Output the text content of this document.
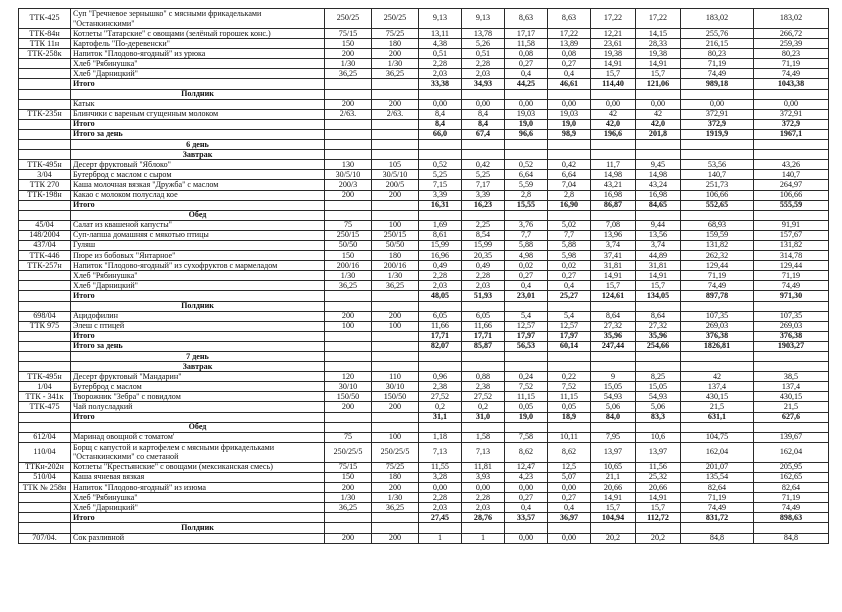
ТТК-425	Суп "Гречневое зернышко" с мясными фрикадельками "Останкинскими"	250/25	250/25	9,13	9,13	8,63	8,63	17,22	17,22	183,02	183,02
ТТК-84н	Котлеты "Татарские" с овощами (зелёный горошек конс.)	75/15	75/25	13,11	13,78	17,17	17,22	12,21	14,15	255,76	266,72
ТТК 11н	Картофель "По-деревенски"	150	180	4,38	5,26	11,58	13,89	23,61	28,33	216,15	259,39
ТТК-258к	Напиток "Плодово-ягодный" из урюка	200	200	0,51	0,51	0,08	0,08	19,38	19,38	80,23	80,23
	Хлеб "Рябинушка"	1/30	1/30	2,28	2,28	0,27	0,27	14,91	14,91	71,19	71,19
	Хлеб "Дарницкий"	36,25	36,25	2,03	2,03	0,4	0,4	15,7	15,7	74,49	74,49
	Итого			33,38	34,93	44,25	46,61	114,40	121,06	989,18	1043,38
	Полдник										
	Катык	200	200	0,00	0,00	0,00	0,00	0,00	0,00	0,00	0,00
ТТК-235н	Блинчики с вареным сгущенным молоком	2/63.	2/63.	8,4	8,4	19,03	19,03	42	42	372,91	372,91
	Итого			8,4	8,4	19,0	19,0	42,0	42,0	372,9	372,9
	Итого за день			66,0	67,4	96,6	98,9	196,6	201,8	1919,9	1967,1
	6 день										
	Завтрак										
ТТК-495н	Десерт фруктовый "Яблоко"	130	105	0,52	0,42	0,52	0,42	11,7	9,45	53,56	43,26
3/04	Бутерброд с маслом с сыром	30/5/10	30/5/10	5,25	5,25	6,64	6,64	14,98	14,98	140,7	140,7
ТТК 270	Каша молочная вязкая "Дружба" с маслом	200/3	200/5	7,15	7,17	5,59	7,04	43,21	43,24	251,73	264,97
ТТК-198н	Какао с молоком полуслад кое	200	200	3,39	3,39	2,8	2,8	16,98	16,98	106,66	106,66
	Итого			16,31	16,23	15,55	16,90	86,87	84,65	552,65	555,59
	Обед										
45/04	Салат из квашеной капусты"	75	100	1,69	2,25	3,76	5,02	7,08	9,44	68,93	91,91
148/2004	Суп-лапша домашняя с мякотью птицы	250/15	250/15	8,61	8,54	7,7	7,7	13,96	13,56	159,59	157,67
437/04	Гуляш	50/50	50/50	15,99	15,99	5,88	5,88	3,74	3,74	131,82	131,82
ТТК-446	Пюре из бобовых "Янтарное"	150	180	16,96	20,35	4,98	5,98	37,41	44,89	262,32	314,78
ТТК-257н	Напиток "Плодово-ягодный" из сухофруктов с мармеладом	200/16	200/16	0,49	0,49	0,02	0,02	31,81	31,81	129,44	129,44
	Хлеб "Рябинушка"	1/30	1/30	2,28	2,28	0,27	0,27	14,91	14,91	71,19	71,19
	Хлеб "Дарницкий"	36,25	36,25	2,03	2,03	0,4	0,4	15,7	15,7	74,49	74,49
	Итого			48,05	51,93	23,01	25,27	124,61	134,05	897,78	971,30
	Полдник										
698/04	Ацидофилин	200	200	6,05	6,05	5,4	5,4	8,64	8,64	107,35	107,35
ТТК 975	Элеш с птицей	100	100	11,66	11,66	12,57	12,57	27,32	27,32	269,03	269,03
	Итого			17,71	17,71	17,97	17,97	35,96	35,96	376,38	376,38
	Итого за день			82,07	85,87	56,53	60,14	247,44	254,66	1826,81	1903,27
	7 день										
	Завтрак										
ТТК-495н	Десерт фруктовый "Мандарин"	120	110	0,96	0,88	0,24	0,22	9	8,25	42	38,5
1/04	Бутерброд с маслом	30/10	30/10	2,38	2,38	7,52	7,52	15,05	15,05	137,4	137,4
ТТК - 341к	Творожник "Зебра" с повидлом	150/50	150/50	27,52	27,52	11,15	11,15	54,93	54,93	430,15	430,15
ТТК-475	Чай полусладкий	200	200	0,2	0,2	0,05	0,05	5,06	5,06	21,5	21,5
	Итого			31,1	31,0	19,0	18,9	84,0	83,3	631,1	627,6
	Обед										
612/04	Маринад овощной с томатом'	75	100	1,18	1,58	7,58	10,11	7,95	10,6	104,75	139,67
110/04	Борщ с капустой и картофелем с мясными фрикадельками "Останкинскими" со сметаной	250/25/5	250/25/5	7,13	7,13	8,62	8,62	13,97	13,97	162,04	162,04
ТТКн-202н	Котлеты "Крестьянские" с овощами (мексиканская смесь)	75/15	75/25	11,55	11,81	12,47	12,5	10,65	11,56	201,07	205,95
510/04	Каша ячневая вязкая	150	180	3,28	3,93	4,23	5,07	21,1	25,32	135,54	162,65
ТТК № 258н	Напиток "Плодово-ягодный" из изюма	200	200	0,00	0,00	0,00	0,00	20,66	20,66	82,64	82,64
	Хлеб "Рябинушка"	1/30	1/30	2,28	2,28	0,27	0,27	14,91	14,91	71,19	71,19
	Хлеб "Дарницкий"	36,25	36,25	2,03	2,03	0,4	0,4	15,7	15,7	74,49	74,49
	Итого			27,45	28,76	33,57	36,97	104,94	112,72	831,72	898,63
	Полдник										
707/04.	Сок разливной	200	200	1	1	0,00	0,00	20,2	20,2	84,8	84,8
